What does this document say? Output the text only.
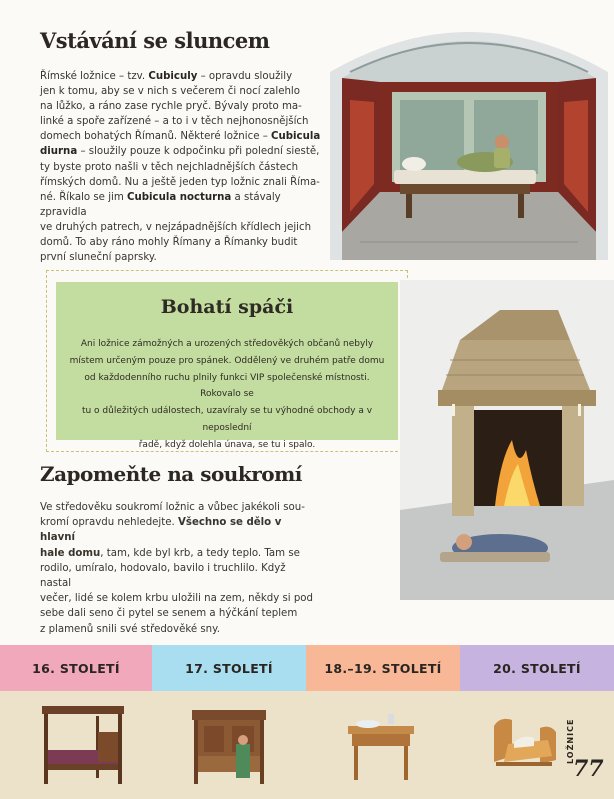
Vstávání se sluncem
Římské ložnice – tzv. Cubiculy – opravdu sloužily
jen k tomu, aby se v nich s večerem či nocí zalehlo
na lůžko, a ráno zase rychle pryč. Bývaly proto ma-
linké a spoře zařízené – a to i v těch nejhonosnějších
domech bohatých Římanů. Některé ložnice – Cubicula
diurna – sloužily pouze k odpočinku při polední siestě,
ty byste proto našli v těch nejchladnějších částech
římských domů. Nu a ještě jeden typ ložnic znali Říma-
né. Říkalo se jim Cubicula nocturna a stávaly zpravidla
ve druhých patrech, v nejzápadnějších křídlech jejich
domů. To aby ráno mohly Římany a Římanky budit
první sluneční paprsky.
Bohatí spáči
Ani ložnice zámožných a urozených středověkých občanů nebyly
místem určeným pouze pro spánek. Oddělený ve druhém patře domu
od každodenního ruchu plnily funkci VIP společenské místnosti. Rokovalo se
tu o důležitých událostech, uzavíraly se tu výhodné obchody a v neposlední
řadě, když dolehla únava, se tu i spalo.
Zapomeňte na soukromí
Ve středověku soukromí ložnic a vůbec jakékoli sou-
kromí opravdu nehledejte. Všechno se dělo v hlavní
hale domu, tam, kde byl krb, a tedy teplo. Tam se
rodilo, umíralo, hodovalo, bavilo i truchlilo. Když nastal
večer, lidé se kolem krbu uložili na zem, někdy si pod
sebe dali seno či pytel se senem a hýčkání teplem
z plamenů snili své středověké sny.
16. STOLETÍ	17. STOLETÍ	18.–19. STOLETÍ	20. STOLETÍ
LOŽNICE
77
